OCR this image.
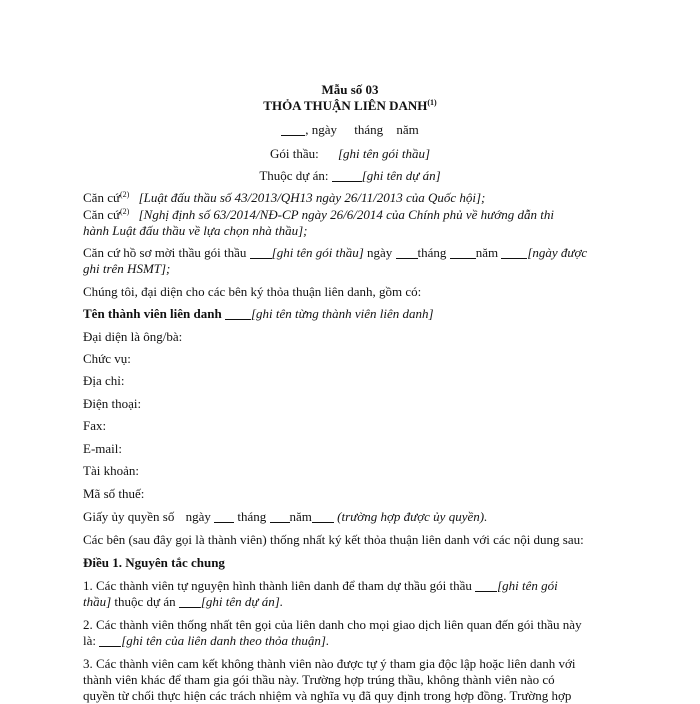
Mẫu số 03
THỎA THUẬN LIÊN DANH$^{(1)}$
, ngày tháng năm
Gói thầu: [ghi tên gói thầu]
Thuộc dự án:	[ghi tên dự án]
Căn cứ$^{(2)}$ [Luật đấu thầu số 43/2013/QH13 ngày 26/11/2013 của Quốc hội];
Căn cứ$^{(2)}$ [Nghị định số 63/2014/NĐ-CP ngày 26/6/2014 của Chính phủ về hướng dẫn thi
hành Luật đấu thầu về lựa chọn nhà thầu];
Căn cứ hồ sơ mời thầu gói thầu [ghi tên gói thầu] ngày tháng năm [ngày được
ghi trên HSMT];
Chúng tôi, đại diện cho các bên ký thỏa thuận liên danh, gồm có:
Tên thành viên liên danh [ghi tên từng thành viên liên danh]
Đại diện là ông/bà:
Chức vụ:
Địa chỉ:
Điện thoại:
Fax:
E-mail:
Tài khoản:
Mã số thuế:
Giấy ủy quyền số ngày tháng năm (trường hợp được ủy quyền).
Các bên (sau đây gọi là thành viên) thống nhất ký kết thỏa thuận liên danh với các nội dung sau:
Điều 1. Nguyên tắc chung
1. Các thành viên tự nguyện hình thành liên danh để tham dự thầu gói thầu [ghi tên gói
thầu] thuộc dự án [ghi tên dự án].
2. Các thành viên thống nhất tên gọi của liên danh cho mọi giao dịch liên quan đến gói thầu này
là: [ghi tên của liên danh theo thỏa thuận].
3. Các thành viên cam kết không thành viên nào được tự ý tham gia độc lập hoặc liên danh với
thành viên khác để tham gia gói thầu này. Trường hợp trúng thầu, không thành viên nào có
quyền từ chối thực hiện các trách nhiệm và nghĩa vụ đã quy định trong hợp đồng. Trường hợp
